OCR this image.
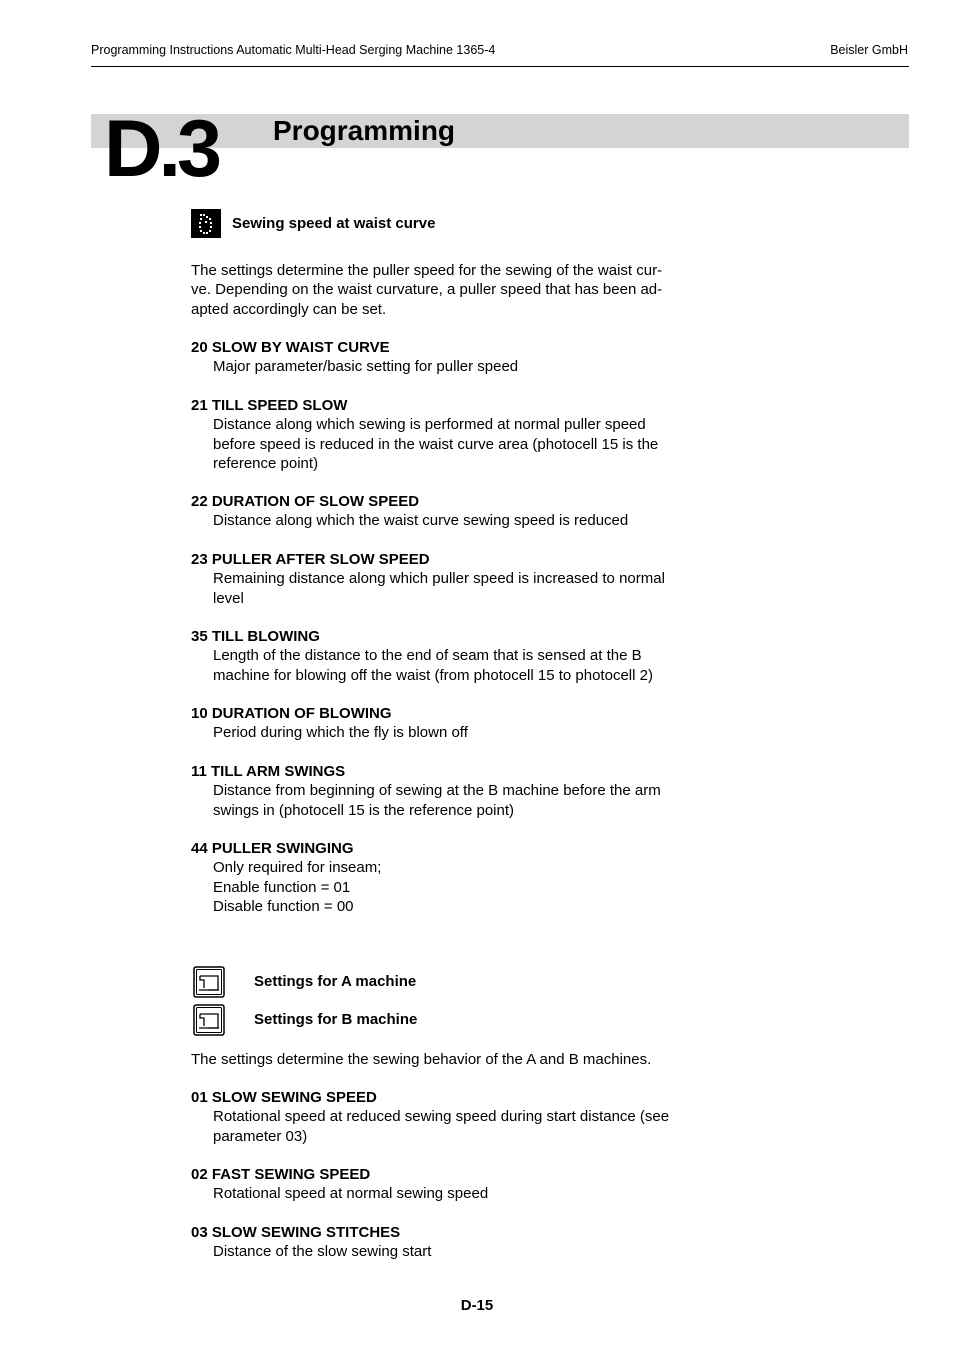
Programming Instructions Automatic Multi-Head Serging Machine 1365-4	Beisler GmbH
D.3 Programming
Sewing speed at waist curve
The settings determine the puller speed for the sewing of the waist cur-
ve. Depending on the waist curvature, a puller speed that has been ad-
apted accordingly can be set.
20 SLOW BY WAIST CURVE
Major parameter/basic setting for puller speed
21 TILL SPEED SLOW
Distance along which sewing is performed at normal puller speed
before speed is reduced in the waist curve area (photocell 15 is the
reference point)
22 DURATION OF SLOW SPEED
Distance along which the waist curve sewing speed is reduced
23 PULLER AFTER SLOW SPEED
Remaining distance along which puller speed is increased to normal
level
35 TILL BLOWING
Length of the distance to the end of seam that is sensed at the B
machine for blowing off the waist (from photocell 15 to photocell 2)
10 DURATION OF BLOWING
Period during which the fly is blown off
11 TILL ARM SWINGS
Distance from beginning of sewing at the B machine before the arm
swings in (photocell 15 is the reference point)
44 PULLER SWINGING
Only required for inseam;
Enable function = 01
Disable function = 00
Settings for A machine
Settings for B machine
The settings determine the sewing behavior of the A and B machines.
01 SLOW SEWING SPEED
Rotational speed at reduced sewing speed during start distance (see
parameter 03)
02 FAST SEWING SPEED
Rotational speed at normal sewing speed
03 SLOW SEWING STITCHES
Distance of the slow sewing start
D-15
